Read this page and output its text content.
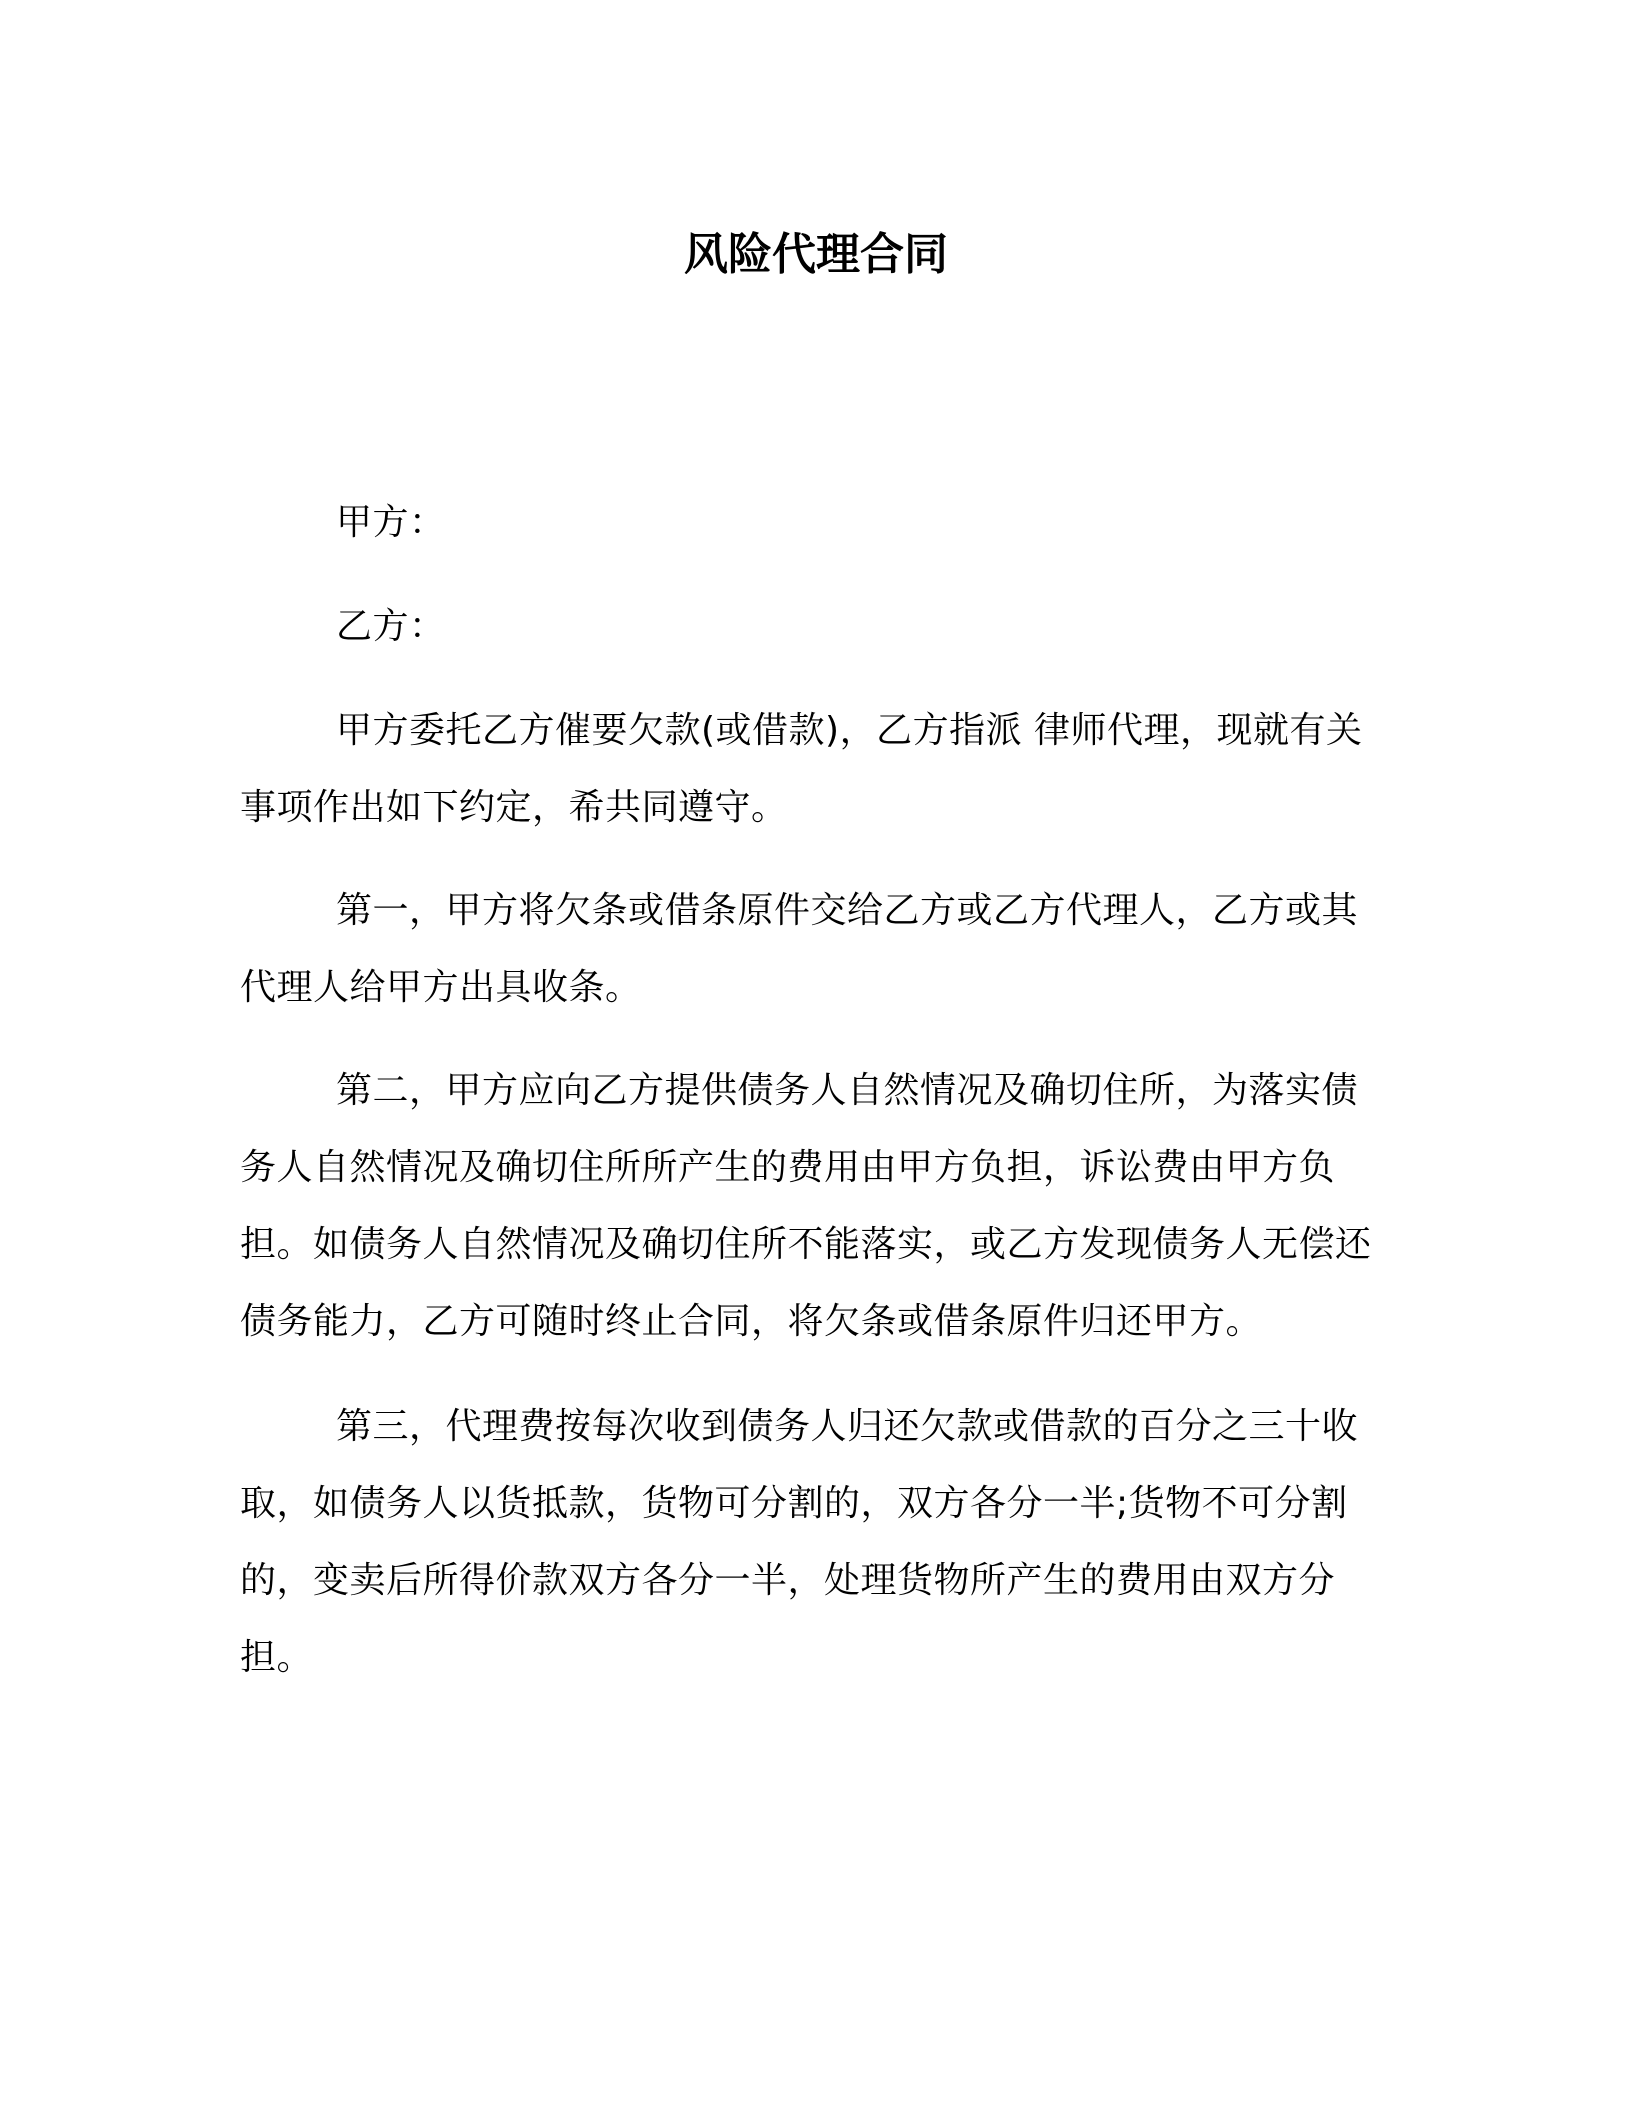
风险代理合同

甲方：

乙方：

甲方委托乙方催要欠款(或借款)，乙方指派 律师代理，现就有关事项作出如下约定，希共同遵守。

第一，甲方将欠条或借条原件交给乙方或乙方代理人，乙方或其代理人给甲方出具收条。

第二，甲方应向乙方提供债务人自然情况及确切住所，为落实债务人自然情况及确切住所所产生的费用由甲方负担，诉讼费由甲方负担。如债务人自然情况及确切住所不能落实，或乙方发现债务人无偿还债务能力，乙方可随时终止合同，将欠条或借条原件归还甲方。

第三，代理费按每次收到债务人归还欠款或借款的百分之三十收取，如债务人以货抵款，货物可分割的，双方各分一半;货物不可分割的，变卖后所得价款双方各分一半，处理货物所产生的费用由双方分担。
